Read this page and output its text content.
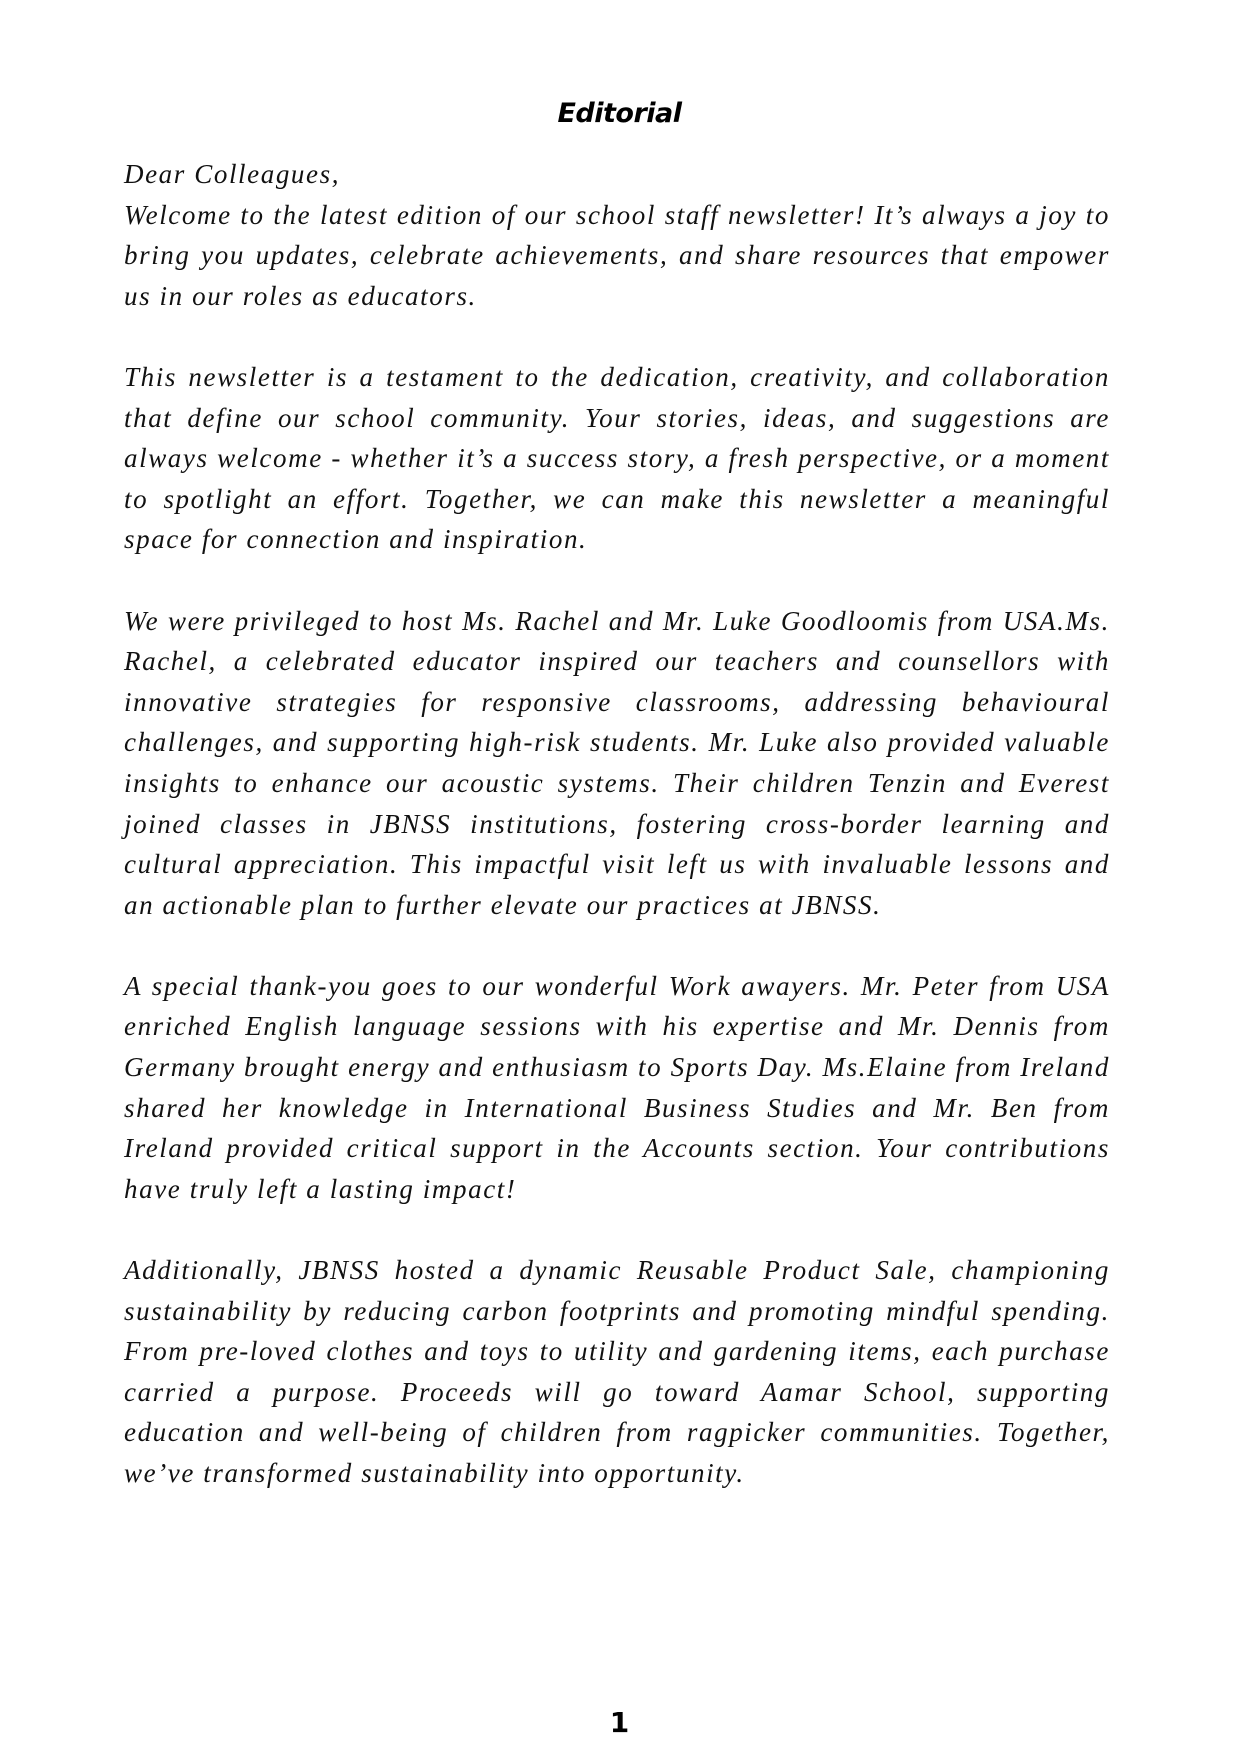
Editorial

Dear Colleagues,
Welcome to the latest edition of our school staff newsletter! It’s always a joy to bring you updates, celebrate achievements, and share resources that empower us in our roles as educators.

This newsletter is a testament to the dedication, creativity, and collaboration that define our school community. Your stories, ideas, and suggestions are always welcome - whether it’s a success story, a fresh perspective, or a moment to spotlight an effort. Together, we can make this newsletter a meaningful space for connection and inspiration.

We were privileged to host Ms. Rachel and Mr. Luke Goodloomis from USA.Ms. Rachel, a celebrated educator inspired our teachers and counsellors with innovative strategies for responsive classrooms, addressing behavioural challenges, and supporting high-risk students. Mr. Luke also provided valuable insights to enhance our acoustic systems. Their children Tenzin and Everest joined classes in JBNSS institutions, fostering cross-border learning and cultural appreciation. This impactful visit left us with invaluable lessons and an actionable plan to further elevate our practices at JBNSS.

A special thank-you goes to our wonderful Work awayers. Mr. Peter from USA enriched English language sessions with his expertise and Mr. Dennis from Germany brought energy and enthusiasm to Sports Day. Ms.Elaine from Ireland shared her knowledge in International Business Studies and Mr. Ben from Ireland provided critical support in the Accounts section. Your contributions have truly left a lasting impact!

Additionally, JBNSS hosted a dynamic Reusable Product Sale, championing sustainability by reducing carbon footprints and promoting mindful spending. From pre-loved clothes and toys to utility and gardening items, each purchase carried a purpose. Proceeds will go toward Aamar School, supporting education and well-being of children from ragpicker communities. Together, we’ve transformed sustainability into opportunity.

1
